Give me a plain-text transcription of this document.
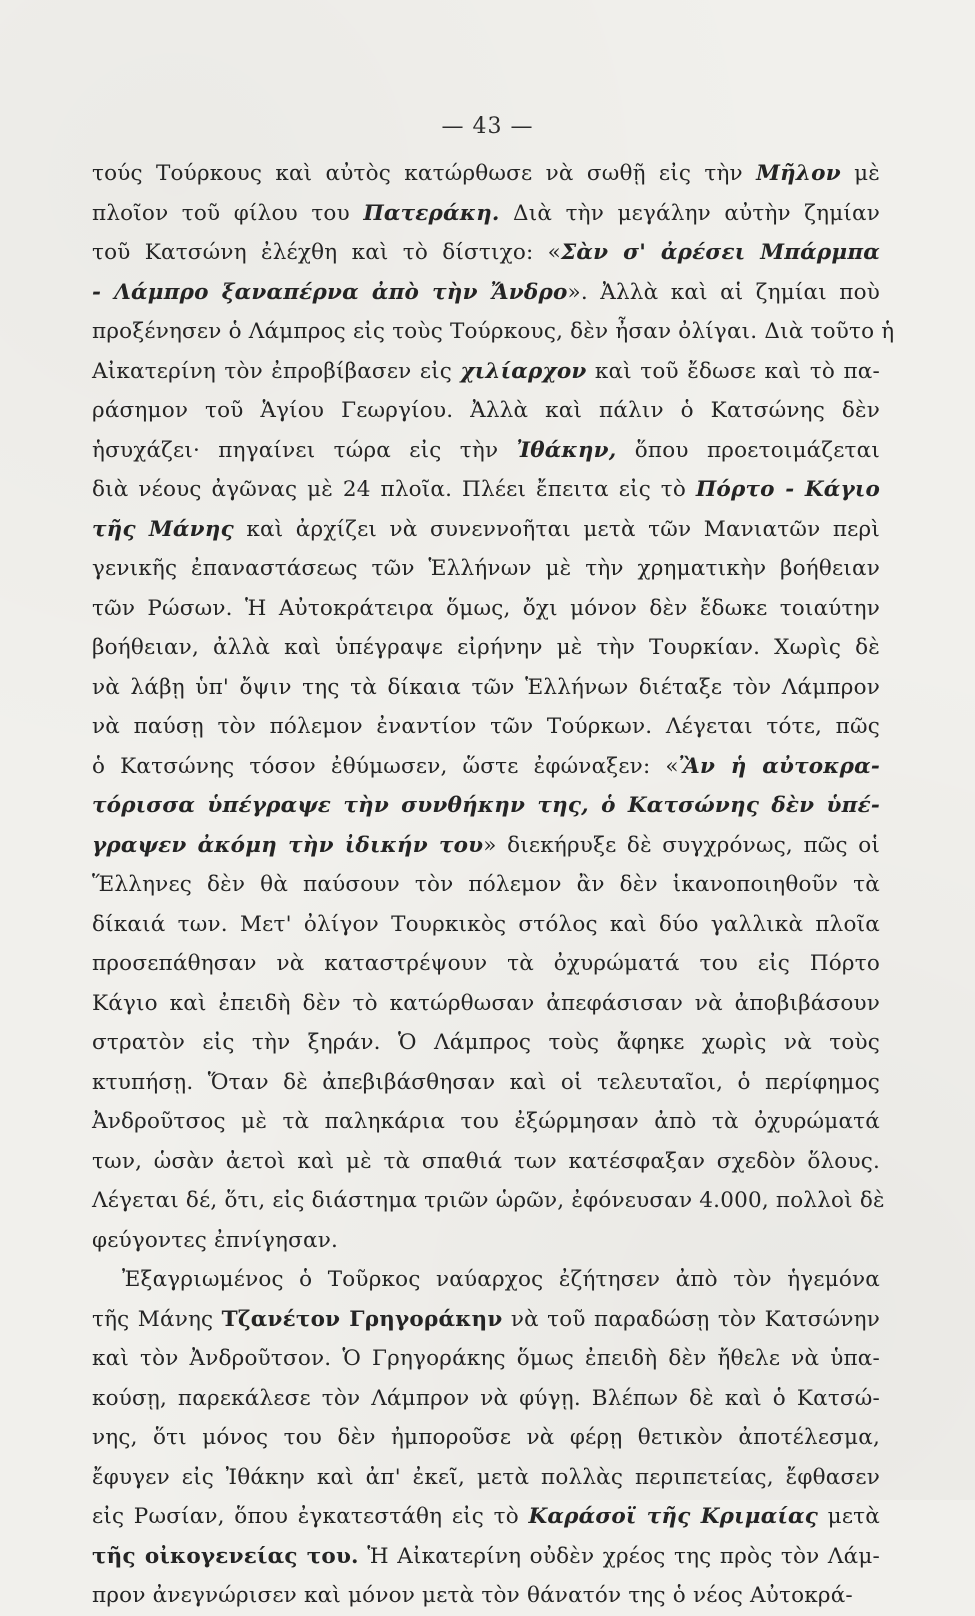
— 43 —
τούς Τούρκους καὶ αὐτὸς κατώρθωσε νὰ σωθῇ εἰς τὴν Μῆλον μὲ
πλοῖον τοῦ φίλου του Πατεράκη. Διὰ τὴν μεγάλην αὐτὴν ζημίαν
τοῦ Κατσώνη ἐλέχθη καὶ τὸ δίστιχο: «Σὰν σ' ἀρέσει Μπάρμπα
- Λάμπρο ξαναπέρνα ἀπὸ τὴν Ἄνδρο». Ἀλλὰ καὶ αἱ ζημίαι ποὺ
προξένησεν ὁ Λάμπρος εἰς τοὺς Τούρκους, δὲν ἦσαν ὀλίγαι. Διὰ τοῦτο ἡ
Αἰκατερίνη τὸν ἐπροβίβασεν εἰς χιλίαρχον καὶ τοῦ ἔδωσε καὶ τὸ πα-
ράσημον τοῦ Ἁγίου Γεωργίου. Ἀλλὰ καὶ πάλιν ὁ Κατσώνης δὲν
ἡσυχάζει· πηγαίνει τώρα εἰς τὴν Ἰθάκην, ὅπου προετοιμάζεται
διὰ νέους ἀγῶνας μὲ 24 πλοῖα. Πλέει ἔπειτα εἰς τὸ Πόρτο - Κάγιο
τῆς Μάνης καὶ ἀρχίζει νὰ συνεννοῆται μετὰ τῶν Μανιατῶν περὶ
γενικῆς ἐπαναστάσεως τῶν Ἑλλήνων μὲ τὴν χρηματικὴν βοήθειαν
τῶν Ρώσων. Ἡ Αὐτοκράτειρα ὅμως, ὄχι μόνον δὲν ἔδωκε τοιαύτην
βοήθειαν, ἀλλὰ καὶ ὑπέγραψε εἰρήνην μὲ τὴν Τουρκίαν. Χωρὶς δὲ
νὰ λάβῃ ὑπ' ὄψιν της τὰ δίκαια τῶν Ἑλλήνων διέταξε τὸν Λάμπρον
νὰ παύσῃ τὸν πόλεμον ἐναντίον τῶν Τούρκων. Λέγεται τότε, πῶς
ὁ Κατσώνης τόσον ἐθύμωσεν, ὥστε ἐφώναξεν: «Ἂν ἡ αὐτοκρα-
τόρισσα ὑπέγραψε τὴν συνθήκην της, ὁ Κατσώνης δὲν ὑπέ-
γραψεν ἀκόμη τὴν ἰδικήν του» διεκήρυξε δὲ συγχρόνως, πῶς οἱ
Ἕλληνες δὲν θὰ παύσουν τὸν πόλεμον ἂν δὲν ἱκανοποιηθοῦν τὰ
δίκαιά των. Μετ' ὀλίγον Τουρκικὸς στόλος καὶ δύο γαλλικὰ πλοῖα
προσεπάθησαν νὰ καταστρέψουν τὰ ὀχυρώματά του εἰς Πόρτο
Κάγιο καὶ ἐπειδὴ δὲν τὸ κατώρθωσαν ἀπεφάσισαν νὰ ἀποβιβάσουν
στρατὸν εἰς τὴν ξηράν. Ὁ Λάμπρος τοὺς ἄφηκε χωρὶς νὰ τοὺς
κτυπήσῃ. Ὅταν δὲ ἀπεβιβάσθησαν καὶ οἱ τελευταῖοι, ὁ περίφημος
Ἀνδροῦτσος μὲ τὰ παληκάρια του ἐξώρμησαν ἀπὸ τὰ ὀχυρώματά
των, ὡσὰν ἀετοὶ καὶ μὲ τὰ σπαθιά των κατέσφαξαν σχεδὸν ὅλους.
Λέγεται δέ, ὅτι, εἰς διάστημα τριῶν ὡρῶν, ἐφόνευσαν 4.000, πολλοὶ δὲ
φεύγοντες ἐπνίγησαν.
Ἐξαγριωμένος ὁ Τοῦρκος ναύαρχος ἐζήτησεν ἀπὸ τὸν ἡγεμόνα
τῆς Μάνης Τζανέτον Γρηγοράκην νὰ τοῦ παραδώσῃ τὸν Κατσώνην
καὶ τὸν Ἀνδροῦτσον. Ὁ Γρηγοράκης ὅμως ἐπειδὴ δὲν ἤθελε νὰ ὑπα-
κούσῃ, παρεκάλεσε τὸν Λάμπρον νὰ φύγῃ. Βλέπων δὲ καὶ ὁ Κατσώ-
νης, ὅτι μόνος του δὲν ἠμποροῦσε νὰ φέρῃ θετικὸν ἀποτέλεσμα,
ἔφυγεν εἰς Ἰθάκην καὶ ἀπ' ἐκεῖ, μετὰ πολλὰς περιπετείας, ἔφθασεν
εἰς Ρωσίαν, ὅπου ἐγκατεστάθη εἰς τὸ Καράσοϊ τῆς Κριμαίας μετὰ
τῆς οἰκογενείας του. Ἡ Αἰκατερίνη οὐδὲν χρέος της πρὸς τὸν Λάμ-
προν ἀνεγνώρισεν καὶ μόνον μετὰ τὸν θάνατόν της ὁ νέος Αὐτοκρά-
